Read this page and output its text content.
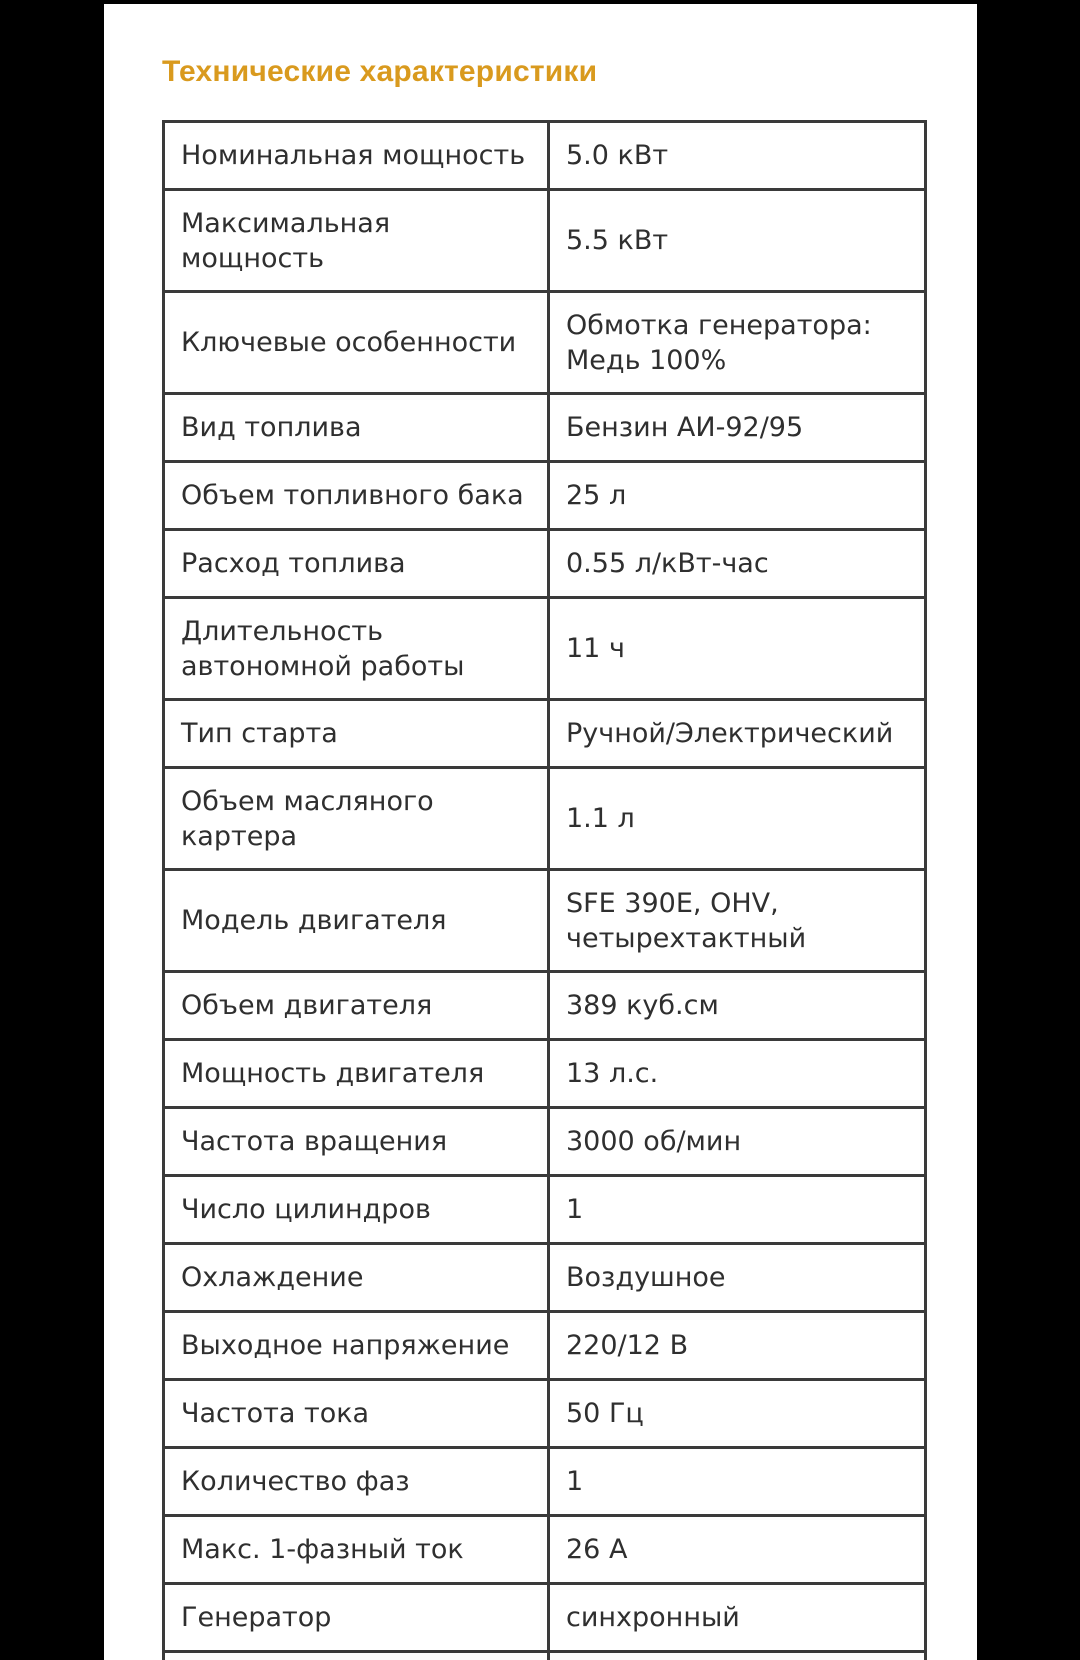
Технические характеристики
Номинальная мощность	5.0 кВт
Максимальная мощность	5.5 кВт
Ключевые особенности	Обмотка генератора: Медь 100%
Вид топлива	Бензин АИ-92/95
Объем топливного бака	25 л
Расход топлива	0.55 л/кВт-час
Длительность автономной работы	11 ч
Тип старта	Ручной/Электрический
Объем масляного картера	1.1 л
Модель двигателя	SFE 390E, OHV, четырехтактный
Объем двигателя	389 куб.см
Мощность двигателя	13 л.с.
Частота вращения	3000 об/мин
Число цилиндров	1
Охлаждение	Воздушное
Выходное напряжение	220/12 В
Частота тока	50 Гц
Количество фаз	1
Макс. 1-фазный ток	26 А
Генератор	синхронный
